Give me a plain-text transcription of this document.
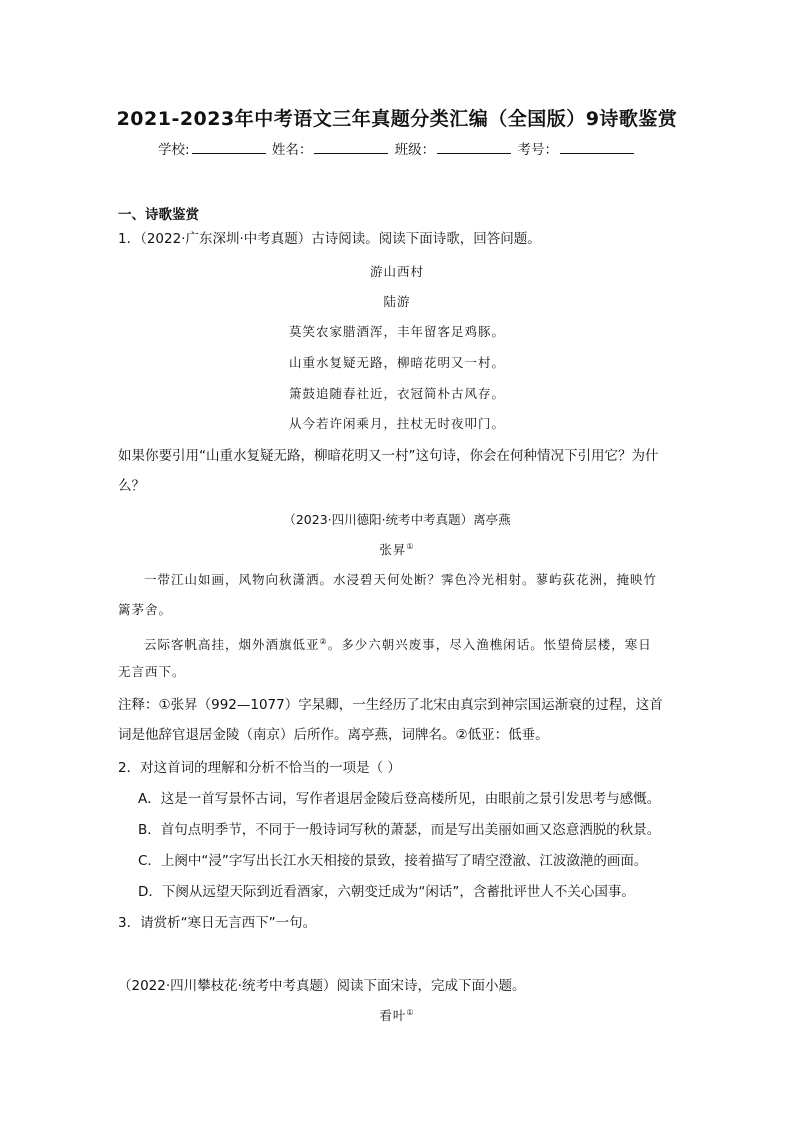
2021-2023年中考语文三年真题分类汇编（全国版）9诗歌鉴赏
学校:	姓名：	班级：	考号：
一、诗歌鉴赏
1．（2022·广东深圳·中考真题）古诗阅读。阅读下面诗歌，回答问题。
游山西村
陆游
莫笑农家腊酒浑，丰年留客足鸡豚。
山重水复疑无路，柳暗花明又一村。
箫鼓追随春社近，衣冠简朴古风存。
从今若许闲乘月，拄杖无时夜叩门。
如果你要引用“山重水复疑无路，柳暗花明又一村”这句诗，你会在何种情况下引用它？为什
么？
（2023·四川德阳·统考中考真题）离亭燕
张昇①
一带江山如画，风物向秋潇洒。水浸碧天何处断？霁色冷光相射。蓼屿荻花洲，掩映竹
篱茅舍。
云际客帆高挂，烟外酒旗低亚②。多少六朝兴废事，尽入渔樵闲话。怅望倚层楼，寒日
无言西下。
注释：①张昇（992—1077）字杲卿，一生经历了北宋由真宗到神宗国运渐衰的过程，这首
词是他辞官退居金陵（南京）后所作。离亭燕，词牌名。②低亚：低垂。
2．对这首词的理解和分析不恰当的一项是（ ）
A．这是一首写景怀古词，写作者退居金陵后登高楼所见，由眼前之景引发思考与感慨。
B．首句点明季节，不同于一般诗词写秋的萧瑟，而是写出美丽如画又恣意洒脱的秋景。
C．上阕中“浸”字写出长江水天相接的景致，接着描写了晴空澄澈、江波潋滟的画面。
D．下阕从远望天际到近看酒家，六朝变迁成为“闲话”，含蓄批评世人不关心国事。
3．请赏析“寒日无言西下”一句。
（2022·四川攀枝花·统考中考真题）阅读下面宋诗，完成下面小题。
看叶①
